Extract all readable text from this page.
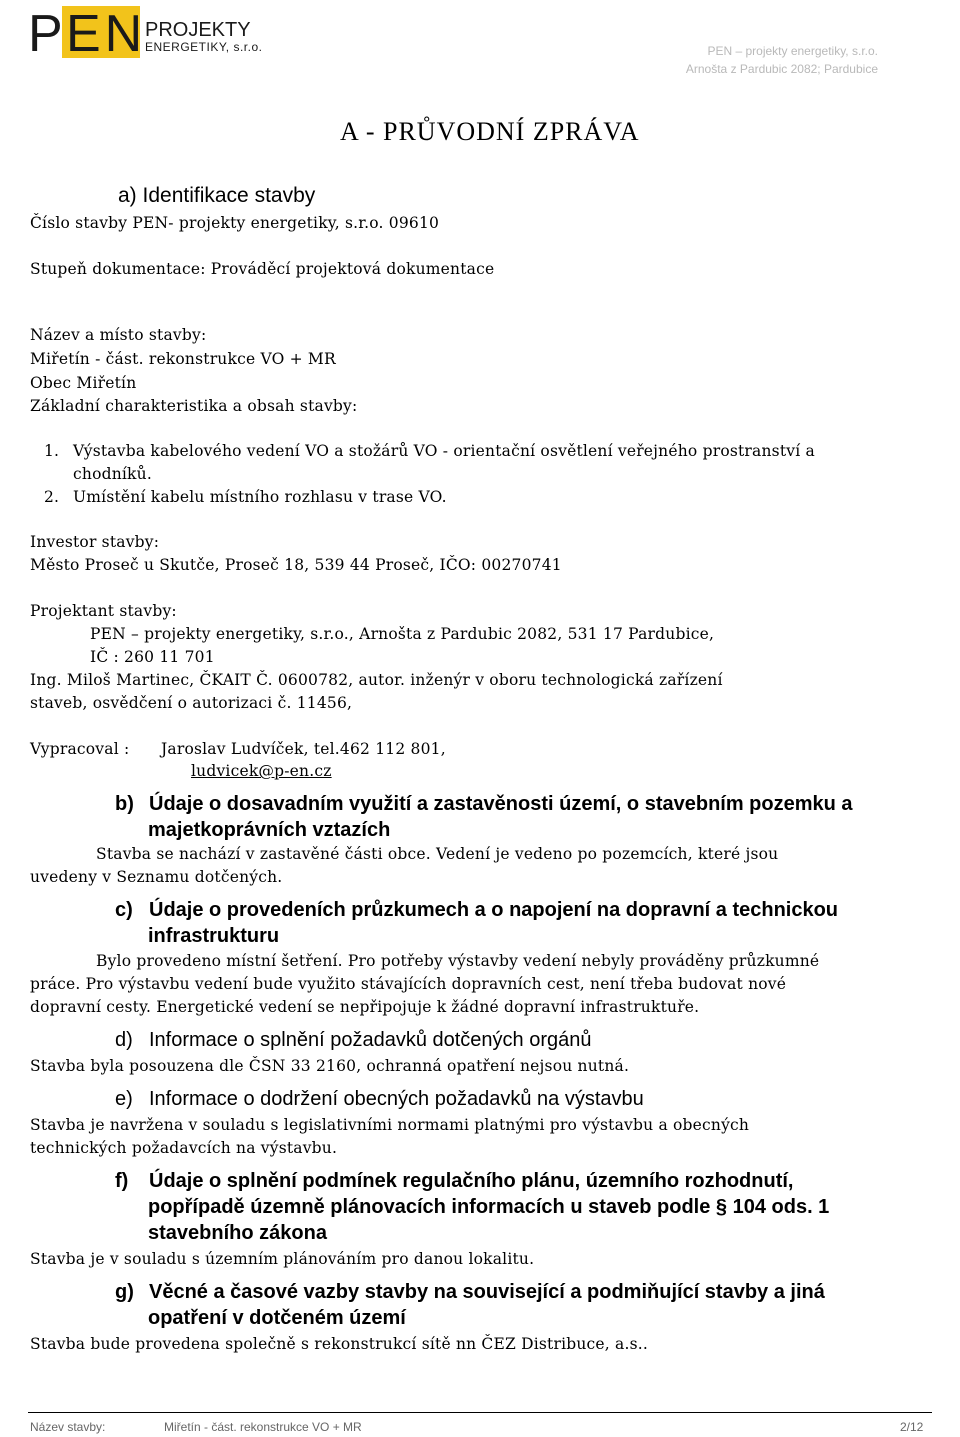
P EN
PROJEKTY
ENERGETIKY, s.r.o.	PEN – projekty energetiky, s.r.o.
Arnošta z Pardubic 2082; Pardubice
A - PRŮVODNÍ ZPRÁVA
a) Identifikace stavby
Číslo stavby PEN- projekty energetiky, s.r.o. 09610
Stupeň dokumentace: Prováděcí projektová dokumentace
Název a místo stavby:
Miřetín - část. rekonstrukce VO + MR
Obec Miřetín
Základní charakteristika a obsah stavby:
1. Výstavba kabelového vedení VO a stožárů VO - orientační osvětlení veřejného prostranství a
chodníků.
2. Umístění kabelu místního rozhlasu v trase VO.
Investor stavby:
Město Proseč u Skutče, Proseč 18, 539 44 Proseč, IČO: 00270741
Projektant stavby:
PEN – projekty energetiky, s.r.o., Arnošta z Pardubic 2082, 531 17 Pardubice,
IČ : 260 11 701
Ing. Miloš Martinec, ČKAIT Č. 0600782, autor. inženýr v oboru technologická zařízení
staveb, osvědčení o autorizaci č. 11456,
Vypracoval : Jaroslav Ludvíček, tel.462 112 801,
ludvicek@p-en.cz
b) Údaje o dosavadním využití a zastavěnosti území, o stavebním pozemku a
majetkoprávních vztazích
Stavba se nachází v zastavěné části obce. Vedení je vedeno po pozemcích, které jsou
uvedeny v Seznamu dotčených.
c) Údaje o provedeních průzkumech a o napojení na dopravní a technickou
infrastrukturu
Bylo provedeno místní šetření. Pro potřeby výstavby vedení nebyly prováděny průzkumné
práce. Pro výstavbu vedení bude využito stávajících dopravních cest, není třeba budovat nové
dopravní cesty. Energetické vedení se nepřipojuje k žádné dopravní infrastruktuře.
d) Informace o splnění požadavků dotčených orgánů
Stavba byla posouzena dle ČSN 33 2160, ochranná opatření nejsou nutná.
e) Informace o dodržení obecných požadavků na výstavbu
Stavba je navržena v souladu s legislativními normami platnými pro výstavbu a obecných
technických požadavcích na výstavbu.
f) Údaje o splnění podmínek regulačního plánu, územního rozhodnutí,
popřípadě územně plánovacích informacích u staveb podle § 104 ods. 1
stavebního zákona
Stavba je v souladu s územním plánováním pro danou lokalitu.
g) Věcné a časové vazby stavby na související a podmiňující stavby a jiná
opatření v dotčeném území
Stavba bude provedena společně s rekonstrukcí sítě nn ČEZ Distribuce, a.s..
Název stavby:	Miřetín - část. rekonstrukce VO + MR	2/12
